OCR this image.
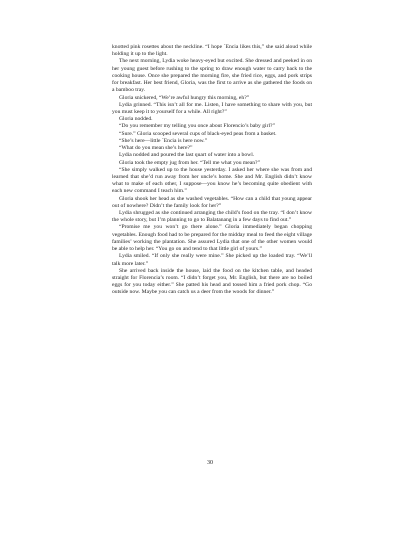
knotted pink rosettes about the neckline. “I hope ´Encia likes this,” she said aloud while holding it up to the light.

The next morning, Lydia woke heavy-eyed but excited. She dressed and peeked in on her young guest before rushing to the spring to draw enough water to carry back to the cooking house. Once she prepared the morning fire, she fried rice, eggs, and pork strips for breakfast. Her best friend, Gloria, was the first to arrive as she gathered the foods on a bamboo tray.

Gloria snickered, “We’re awful hungry this morning, eh?”

Lydia grinned. “This isn’t all for me. Listen, I have something to share with you, but you must keep it to yourself for a while. All right?”

Gloria nodded.

“Do you remember my telling you once about Florencio’s baby girl?”

“Sure.” Gloria scooped several cups of black-eyed peas from a basket.

“She’s here—little ´Encia is here now.”

“What do you mean she’s here?”

Lydia nodded and poured the last quart of water into a bowl.

Gloria took the empty jug from her. “Tell me what you mean?”

“She simply walked up to the house yesterday. I asked her where she was from and learned that she’d run away from her uncle’s home. She and Mr. English didn’t know what to make of each other, I suppose—you know he’s becoming quite obedient with each new command I teach him.”

Gloria shook her head as she washed vegetables. “How can a child that young appear out of nowhere? Didn’t the family look for her?”

Lydia shrugged as she continued arranging the child’s food on the tray. “I don’t know the whole story, but I’m planning to go to Balatanang in a few days to find out.”

“Promise me you won’t go there alone.” Gloria immediately began chopping vegetables. Enough food had to be prepared for the midday meal to feed the eight village families’ working the plantation. She assured Lydia that one of the other women would be able to help her. “You go on and tend to that little girl of yours.”

Lydia smiled. “If only she really were mine.” She picked up the loaded tray. “We’ll talk more later.”

She arrived back inside the house, laid the food on the kitchen table, and headed straight for Florencia’s room. “I didn’t forget you, Mr. English, but there are no boiled eggs for you today either.” She patted his head and tossed him a fried pork chop. “Go outside now. Maybe you can catch us a deer from the woods for dinner.”

30
